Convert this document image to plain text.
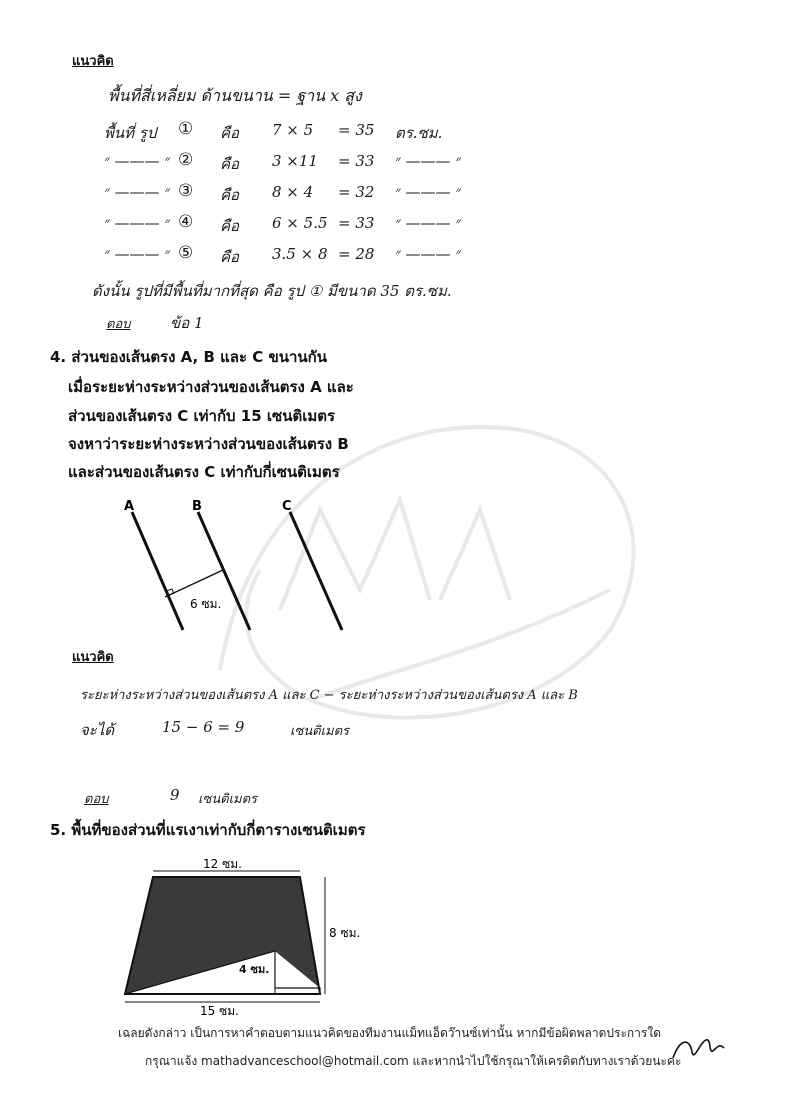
แนวคิด
พื้นที่สี่เหลี่ยม ด้านขนาน = ฐาน x สูง
พื้นที่ รูป ① คือ 7 × 5 = 35 ตร.ซม.
״ ——— ״ ② คือ 3 ×11 = 33 ״ ——— ״
״ ——— ״ ③ คือ 8 × 4 = 32 ״ ——— ״
״ ——— ״ ④ คือ 6 × 5.5 = 33 ״ ——— ״
״ ——— ״ ⑤ คือ 3.5 × 8 = 28 ״ ——— ״
ดังนั้น รูปที่มีพื้นที่มากที่สุด คือ รูป ① มีขนาด 35 ตร.ซม.
ตอบ	ข้อ 1
4. ส่วนของเส้นตรง A, B และ C ขนานกัน
เมื่อระยะห่างระหว่างส่วนของเส้นตรง A และ
ส่วนของเส้นตรง C เท่ากับ 15 เซนติเมตร
จงหาว่าระยะห่างระหว่างส่วนของเส้นตรง B
และส่วนของเส้นตรง C เท่ากับกี่เซนติเมตร
A	B	C
6 ซม.
แนวคิด
ระยะห่างระหว่างส่วนของเส้นตรง A และ C − ระยะห่างระหว่างส่วนของเส้นตรง A และ B
จะได้	15 − 6 = 9	เซนติเมตร
ตอบ	9 เซนติเมตร
5. พื้นที่ของส่วนที่แรเงาเท่ากับกี่ตารางเซนติเมตร
12 ซม.
8 ซม.
4 ซม.
15 ซม.
เฉลยดังกล่าว เป็นการหาคำตอบตามแนวคิดของทีมงานแม็ทแอ็ดว๊านซ์เท่านั้น หากมีข้อผิดพลาดประการใด
กรุณาแจ้ง mathadvanceschool@hotmail.com และหากนำไปใช้กรุณาให้เครดิตกับทางเราด้วยนะคะ
